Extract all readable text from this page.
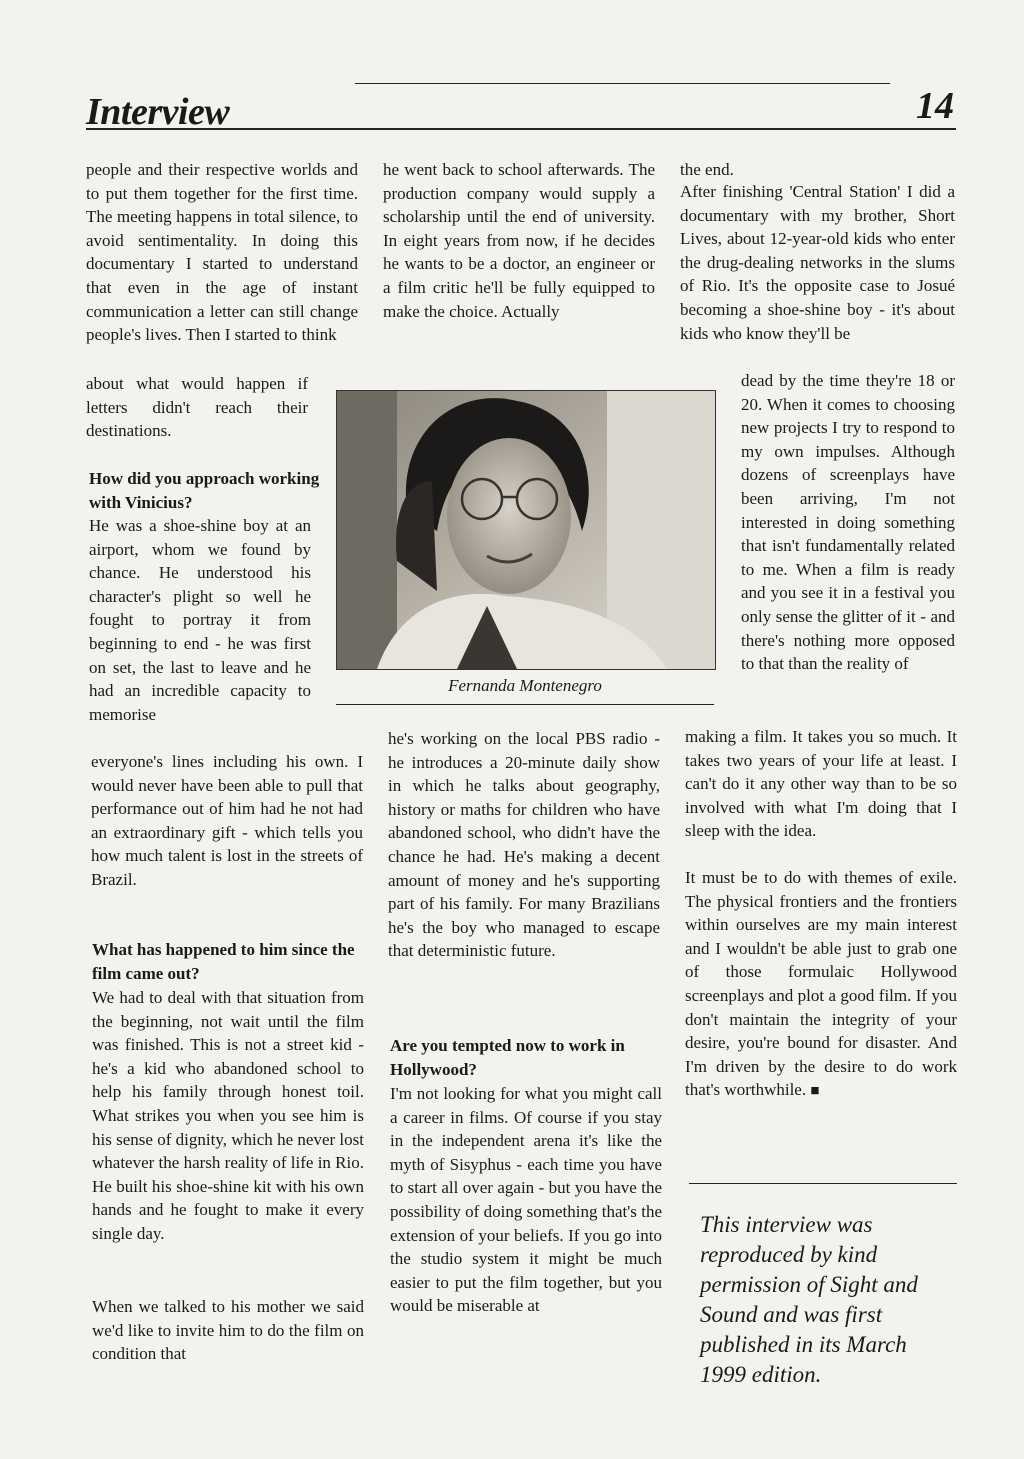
Interview	14

people and their respective worlds and to put them together for the first time. The meeting happens in total silence, to avoid sentimentality. In doing this documentary I started to understand that even in the age of instant communication a letter can still change people's lives. Then I started to think

about what would happen if letters didn't reach their destinations.

How did you approach working with Vinicius?

He was a shoe-shine boy at an airport, whom we found by chance. He understood his character's plight so well he fought to portray it from beginning to end - he was first on set, the last to leave and he had an incredible capacity to memorise

everyone's lines including his own. I would never have been able to pull that performance out of him had he not had an extraordinary gift - which tells you how much talent is lost in the streets of Brazil.

What has happened to him since the film came out?

We had to deal with that situation from the beginning, not wait until the film was finished. This is not a street kid - he's a kid who abandoned school to help his family through honest toil. What strikes you when you see him is his sense of dignity, which he never lost whatever the harsh reality of life in Rio. He built his shoe-shine kit with his own hands and he fought to make it every single day.

When we talked to his mother we said we'd like to invite him to do the film on condition that

he went back to school afterwards. The production company would supply a scholarship until the end of university. In eight years from now, if he decides he wants to be a doctor, an engineer or a film critic he'll be fully equipped to make the choice. Actually

Fernanda Montenegro

he's working on the local PBS radio - he introduces a 20-minute daily show in which he talks about geography, history or maths for children who have abandoned school, who didn't have the chance he had. He's making a decent amount of money and he's supporting part of his family. For many Brazilians he's the boy who managed to escape that deterministic future.

Are you tempted now to work in Hollywood?

I'm not looking for what you might call a career in films. Of course if you stay in the independent arena it's like the myth of Sisyphus - each time you have to start all over again - but you have the possibility of doing something that's the extension of your beliefs. If you go into the studio system it might be much easier to put the film together, but you would be miserable at

the end.

After finishing 'Central Station' I did a documentary with my brother, Short Lives, about 12-year-old kids who enter the drug-dealing networks in the slums of Rio. It's the opposite case to Josué becoming a shoe-shine boy - it's about kids who know they'll be

dead by the time they're 18 or 20. When it comes to choosing new projects I try to respond to my own impulses. Although dozens of screenplays have been arriving, I'm not interested in doing something that isn't fundamentally related to me. When a film is ready and you see it in a festival you only sense the glitter of it - and there's nothing more opposed to that than the reality of

making a film. It takes you so much. It takes two years of your life at least. I can't do it any other way than to be so involved with what I'm doing that I sleep with the idea.

It must be to do with themes of exile. The physical frontiers and the frontiers within ourselves are my main interest and I wouldn't be able just to grab one of those formulaic Hollywood screenplays and plot a good film. If you don't maintain the integrity of your desire, you're bound for disaster. And I'm driven by the desire to do work that's worthwhile. ■

This interview was reproduced by kind permission of Sight and Sound and was first published in its March 1999 edition.
